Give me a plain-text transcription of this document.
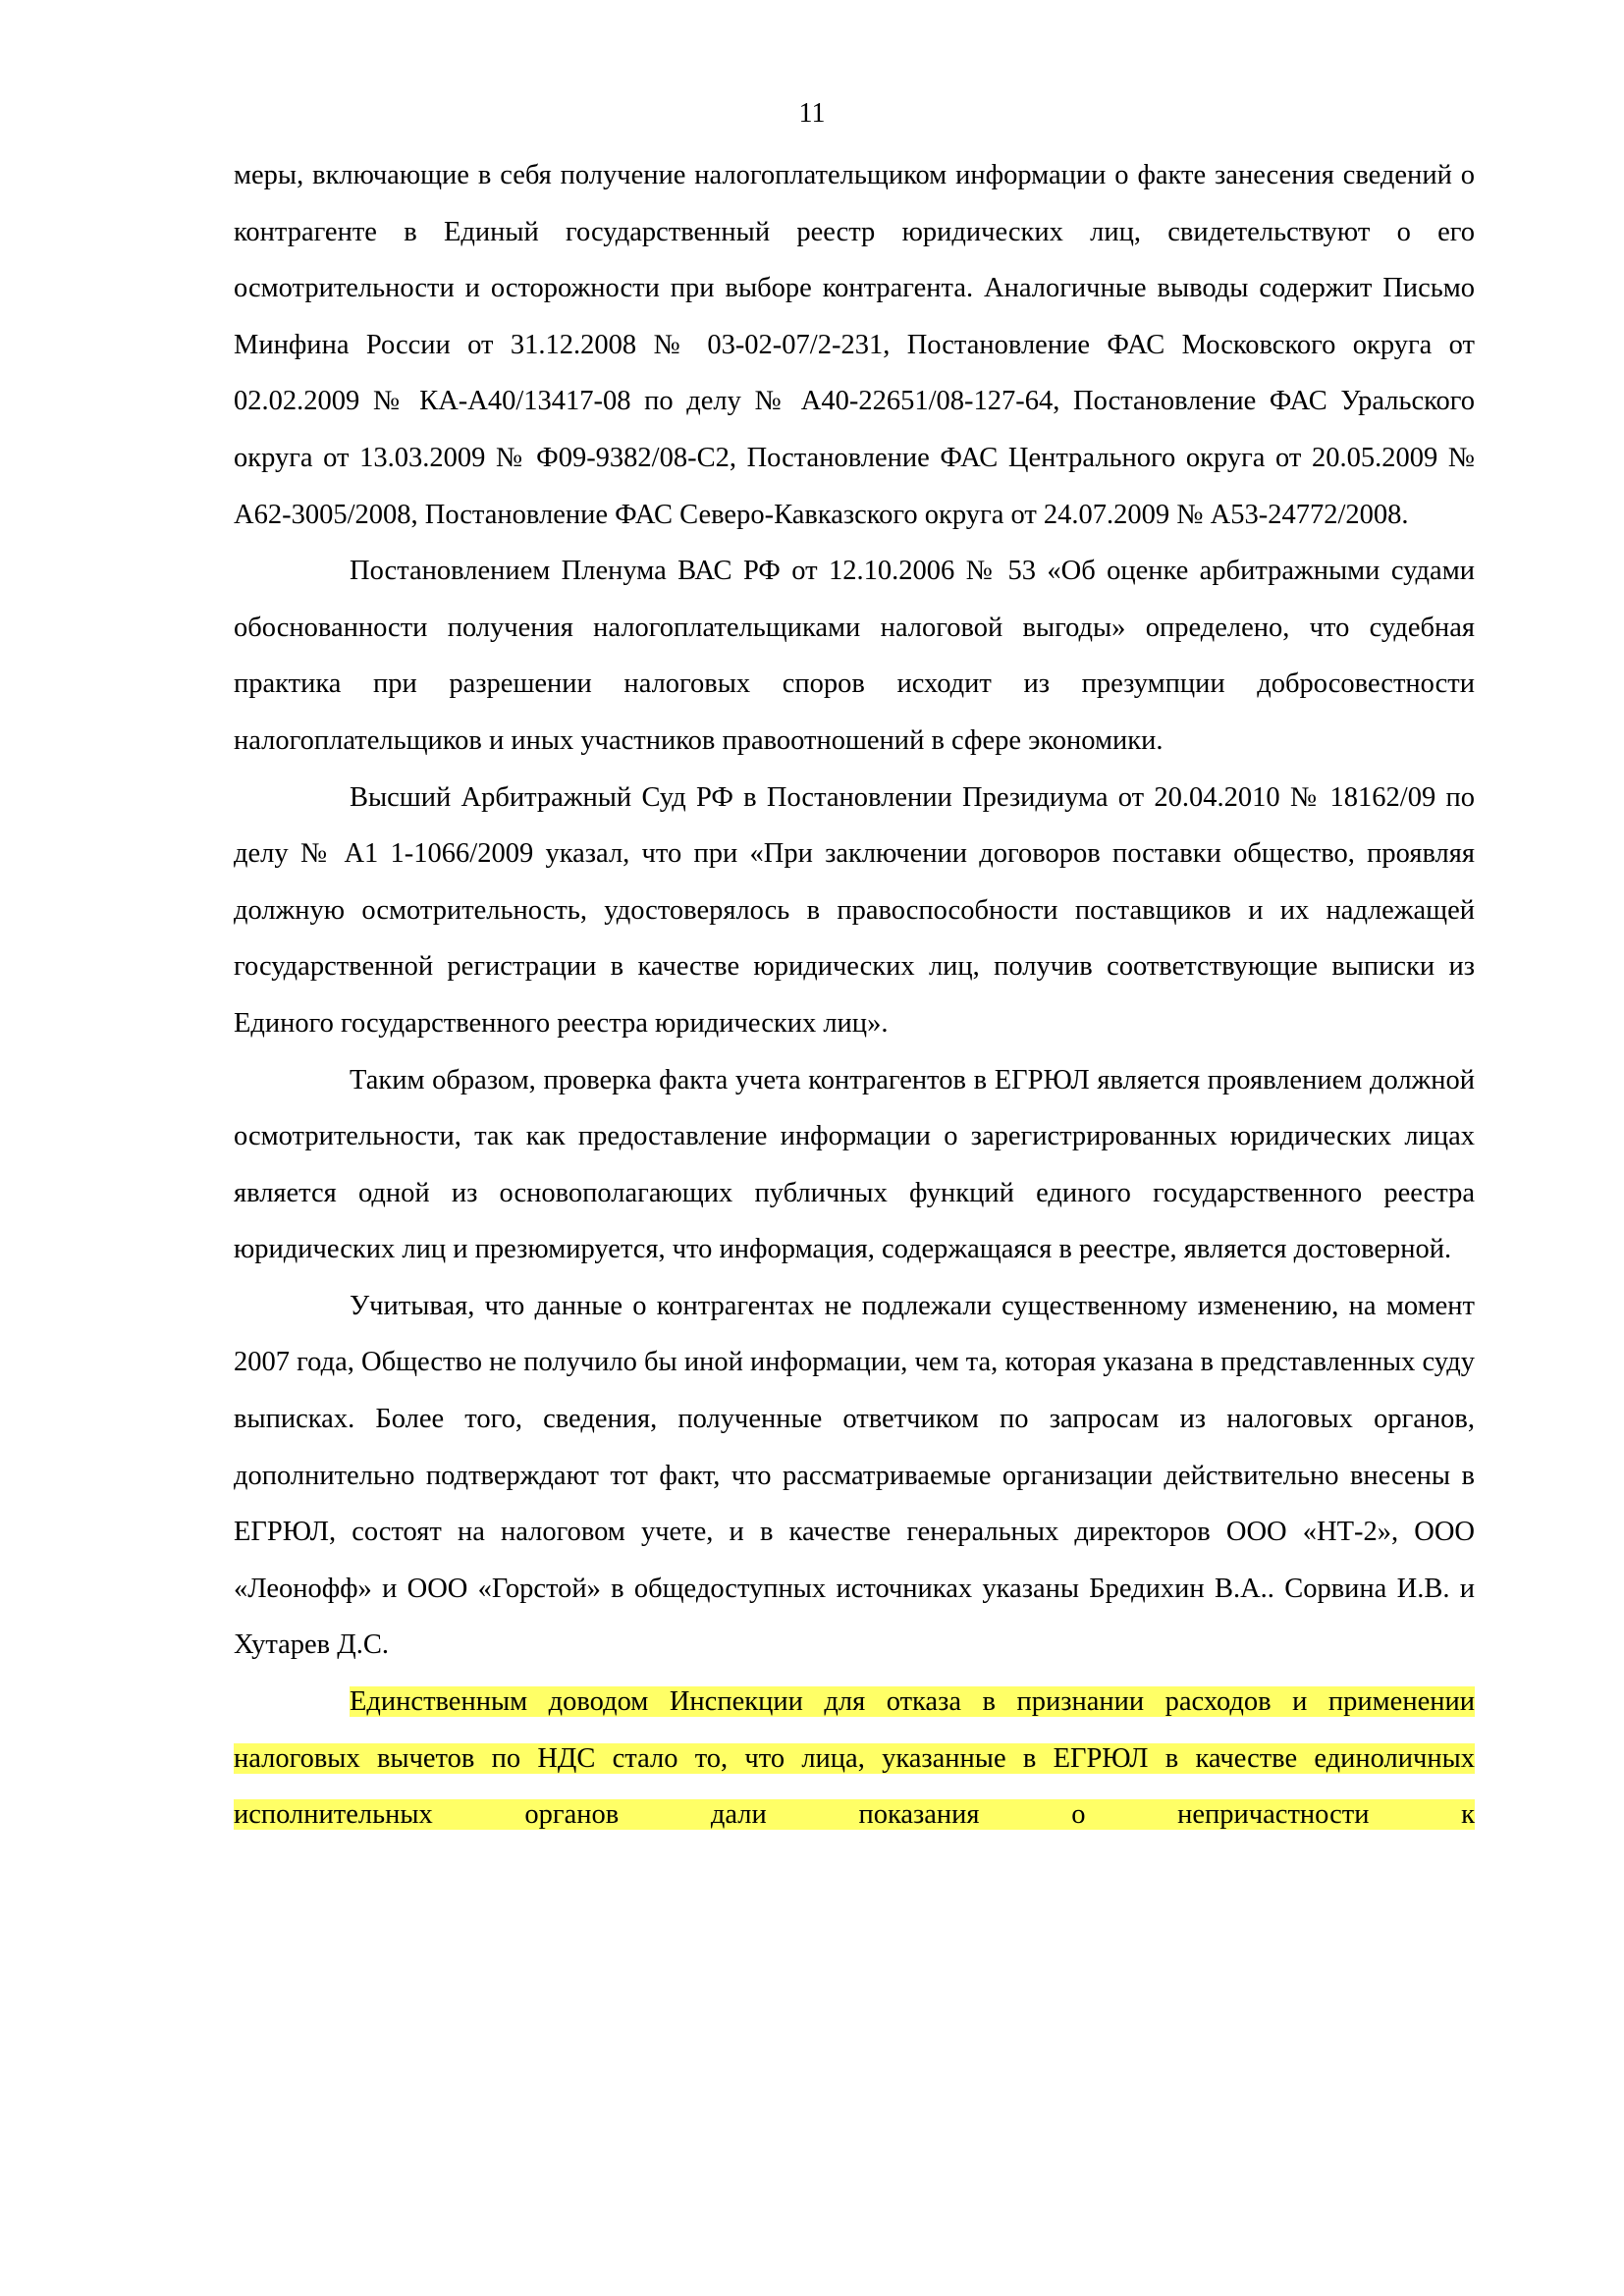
11

меры, включающие в себя получение налогоплательщиком информации о факте занесения сведений о контрагенте в Единый государственный реестр юридических лиц, свидетельствуют о его осмотрительности и осторожности при выборе контрагента. Аналогичные выводы содержит Письмо Минфина России от 31.12.2008 № 03-02-07/2-231, Постановление ФАС Московского округа от 02.02.2009 № КА-А40/13417-08 по делу № А40-22651/08-127-64, Постановление ФАС Уральского округа от 13.03.2009 № Ф09-9382/08-С2, Постановление ФАС Центрального округа от 20.05.2009 № А62-3005/2008, Постановление ФАС Северо-Кавказского округа от 24.07.2009 № А53-24772/2008.

Постановлением Пленума ВАС РФ от 12.10.2006 № 53 «Об оценке арбитражными судами обоснованности получения налогоплательщиками налоговой выгоды» определено, что судебная практика при разрешении налоговых споров исходит из презумпции добросовестности налогоплательщиков и иных участников правоотношений в сфере экономики.

Высший Арбитражный Суд РФ в Постановлении Президиума от 20.04.2010 № 18162/09 по делу № А1 1-1066/2009 указал, что при «При заключении договоров поставки общество, проявляя должную осмотрительность, удостоверялось в правоспособности поставщиков и их надлежащей государственной регистрации в качестве юридических лиц, получив соответствующие выписки из Единого государственного реестра юридических лиц».

Таким образом, проверка факта учета контрагентов в ЕГРЮЛ является проявлением должной осмотрительности, так как предоставление информации о зарегистрированных юридических лицах является одной из основополагающих публичных функций единого государственного реестра юридических лиц и презюмируется, что информация, содержащаяся в реестре, является достоверной.

Учитывая, что данные о контрагентах не подлежали существенному изменению, на момент 2007 года, Общество не получило бы иной информации, чем та, которая указана в представленных суду выписках. Более того, сведения, полученные ответчиком по запросам из налоговых органов, дополнительно подтверждают тот факт, что рассматриваемые организации действительно внесены в ЕГРЮЛ, состоят на налоговом учете, и в качестве генеральных директоров ООО «НТ-2», ООО «Леонофф» и ООО «Горстой» в общедоступных источниках указаны Бредихин В.А.. Сорвина И.В. и Хутарев Д.С.

Единственным доводом Инспекции для отказа в признании расходов и применении налоговых вычетов по НДС стало то, что лица, указанные в ЕГРЮЛ в качестве единоличных исполнительных органов дали показания о непричастности к
